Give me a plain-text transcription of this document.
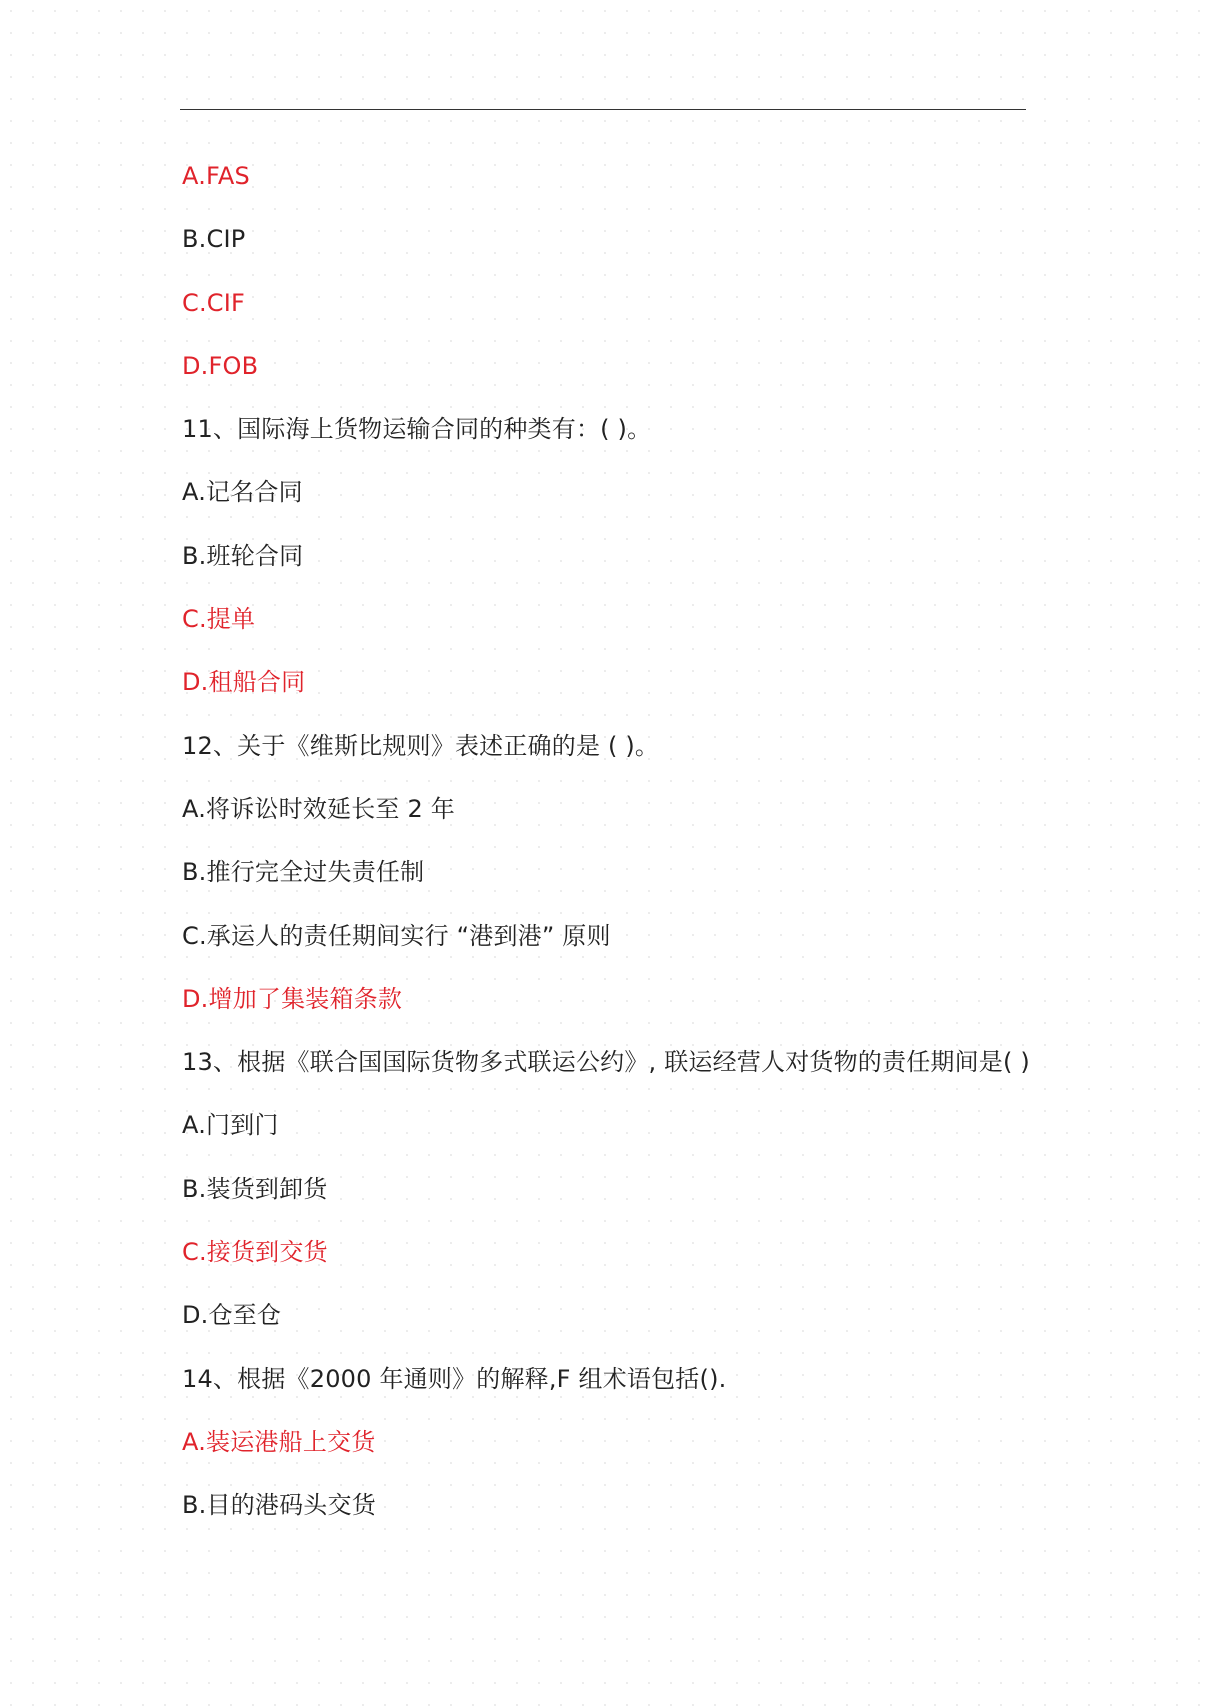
A.FAS
B.CIP
C.CIF
D.FOB
11、国际海上货物运输合同的种类有：( )。
A.记名合同
B.班轮合同
C.提单
D.租船合同
12、关于《维斯比规则》表述正确的是 ( )。
A.将诉讼时效延长至 2 年
B.推行完全过失责任制
C.承运人的责任期间实行 “港到港” 原则
D.增加了集装箱条款
13、根据《联合国国际货物多式联运公约》, 联运经营人对货物的责任期间是( )
A.门到门
B.装货到卸货
C.接货到交货
D.仓至仓
14、根据《2000 年通则》的解释,F 组术语包括().
A.装运港船上交货
B.目的港码头交货
